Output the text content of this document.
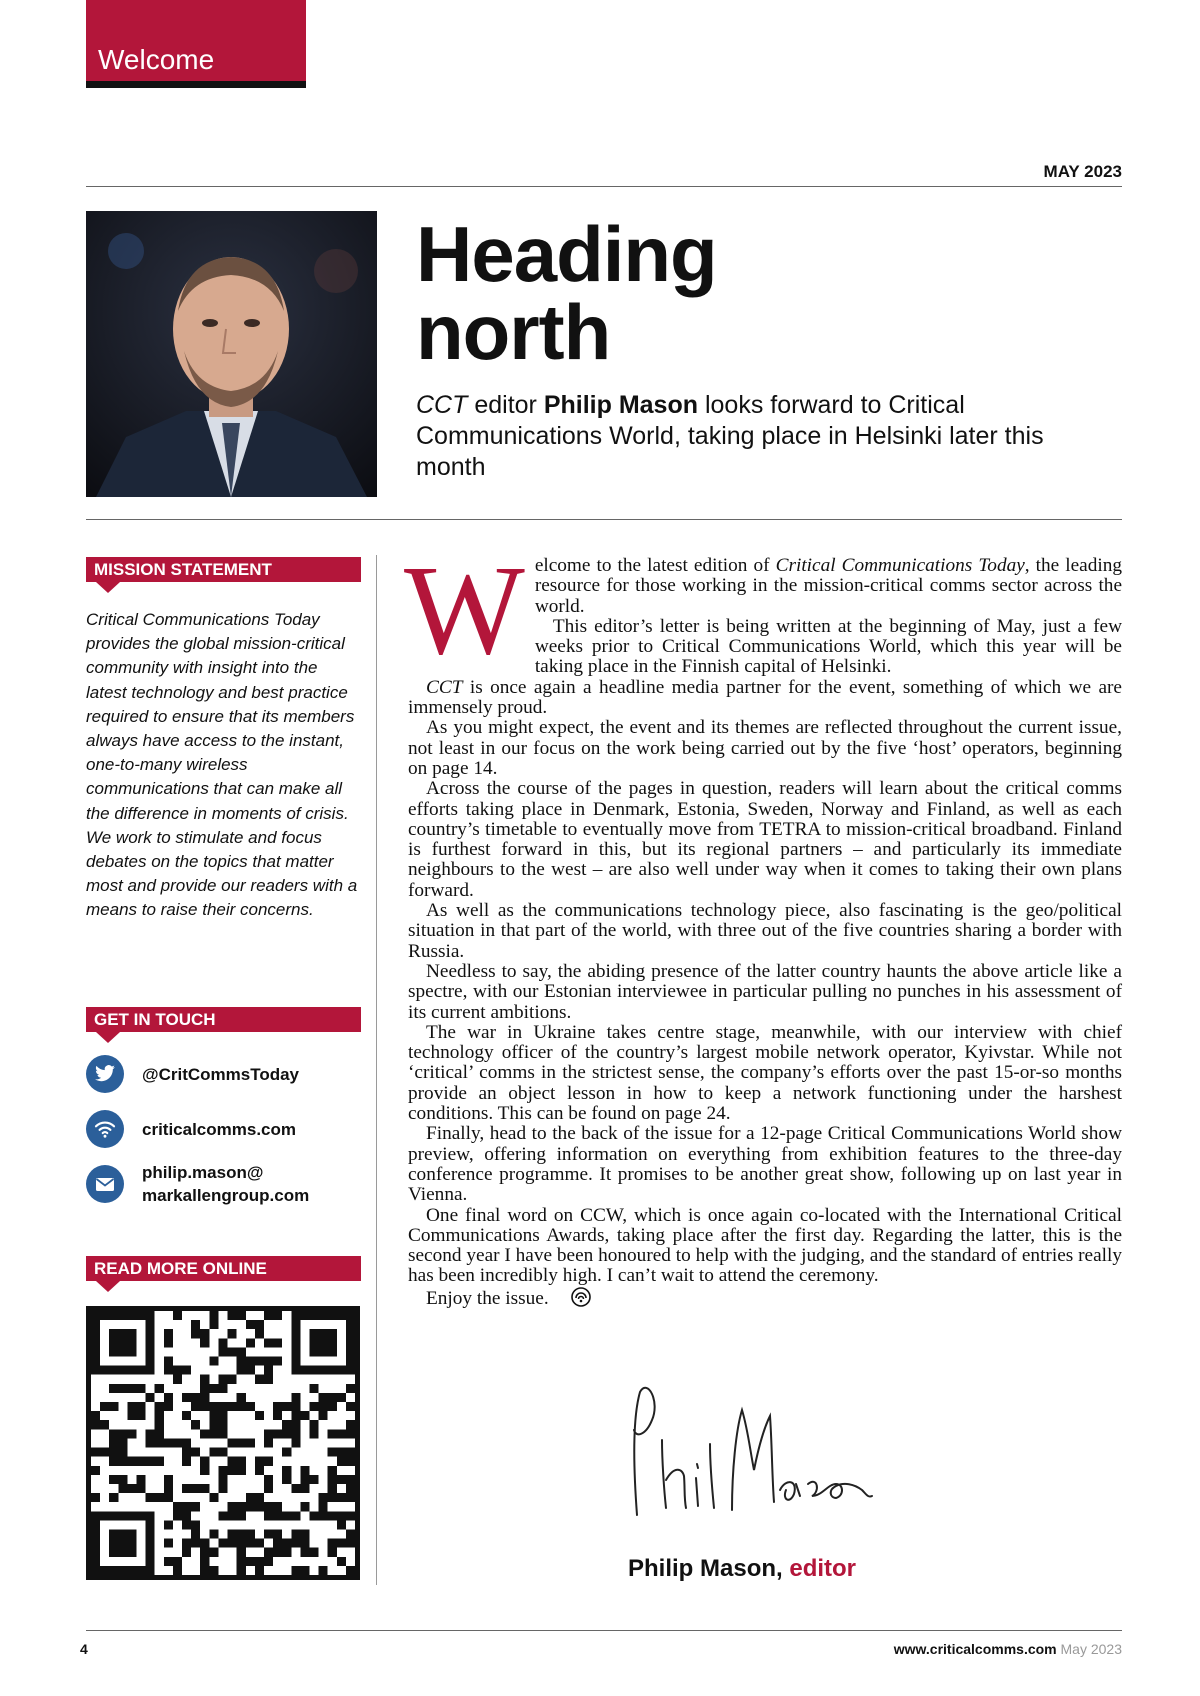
Welcome
MAY 2023
Heading
north

CCT editor Philip Mason looks forward to Critical Communications World, taking place in Helsinki later this month

MISSION STATEMENT

Critical Communications Today provides the global mission-critical community with insight into the latest technology and best practice required to ensure that its members always have access to the instant, one-to-many wireless communications that can make all the difference in moments of crisis. We work to stimulate and focus debates on the topics that matter most and provide our readers with a means to raise their concerns.

GET IN TOUCH
@CritCommsToday
criticalcomms.com
philip.mason@
markallengroup.com
READ MORE ONLINE

Welcome to the latest edition of Critical Communications Today, the leading resource for those working in the mission-critical comms sector across the world.

This editor’s letter is being written at the beginning of May, just a few weeks prior to Critical Communications World, which this year will be taking place in the Finnish capital of Helsinki.

CCT is once again a headline media partner for the event, something of which we are immensely proud.

As you might expect, the event and its themes are reflected throughout the current issue, not least in our focus on the work being carried out by the five ‘host’ operators, beginning on page 14.

Across the course of the pages in question, readers will learn about the critical comms efforts taking place in Denmark, Estonia, Sweden, Norway and Finland, as well as each country’s timetable to eventually move from TETRA to mission-critical broadband. Finland is furthest forward in this, but its regional partners – and particularly its immediate neighbours to the west – are also well under way when it comes to taking their own plans forward.

As well as the communications technology piece, also fascinating is the geo/political situation in that part of the world, with three out of the five countries sharing a border with Russia.

Needless to say, the abiding presence of the latter country haunts the above article like a spectre, with our Estonian interviewee in particular pulling no punches in his assessment of its current ambitions.

The war in Ukraine takes centre stage, meanwhile, with our interview with chief technology officer of the country’s largest mobile network operator, Kyivstar. While not ‘critical’ comms in the strictest sense, the company’s efforts over the past 15-or-so months provide an object lesson in how to keep a network functioning under the harshest conditions. This can be found on page 24.

Finally, head to the back of the issue for a 12-page Critical Communications World show preview, offering information on everything from exhibition features to the three-day conference programme. It promises to be another great show, following up on last year in Vienna.

One final word on CCW, which is once again co-located with the International Critical Communications Awards, taking place after the first day. Regarding the latter, this is the second year I have been honoured to help with the judging, and the standard of entries really has been incredibly high. I can’t wait to attend the ceremony.

Enjoy the issue.

Philip Mason, editor
4	www.criticalcomms.com May 2023
